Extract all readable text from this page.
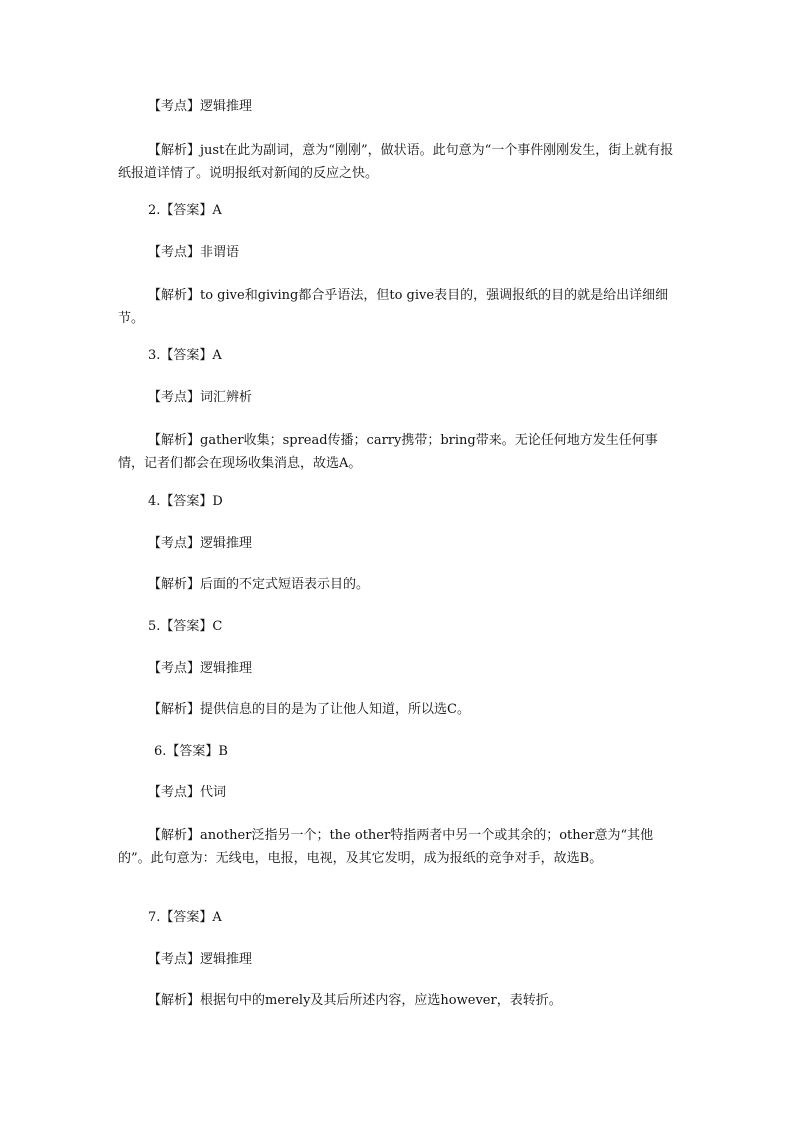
【考点】逻辑推理
【解析】just在此为副词，意为“刚刚”，做状语。此句意为“一个事件刚刚发生，街上就有报纸报道详情了。说明报纸对新闻的反应之快。
2.【答案】A
【考点】非谓语
【解析】to give和giving都合乎语法，但to give表目的，强调报纸的目的就是给出详细细节。
3.【答案】A
【考点】词汇辨析
【解析】gather收集；spread传播；carry携带；bring带来。无论任何地方发生任何事情，记者们都会在现场收集消息，故选A。
4.【答案】D
【考点】逻辑推理
【解析】后面的不定式短语表示目的。
5.【答案】C
【考点】逻辑推理
【解析】提供信息的目的是为了让他人知道，所以选C。
6.【答案】B
【考点】代词
【解析】another泛指另一个；the other特指两者中另一个或其余的；other意为“其他的”。此句意为：无线电，电报，电视，及其它发明，成为报纸的竞争对手，故选B。
7.【答案】A
【考点】逻辑推理
【解析】根据句中的merely及其后所述内容，应选however，表转折。
